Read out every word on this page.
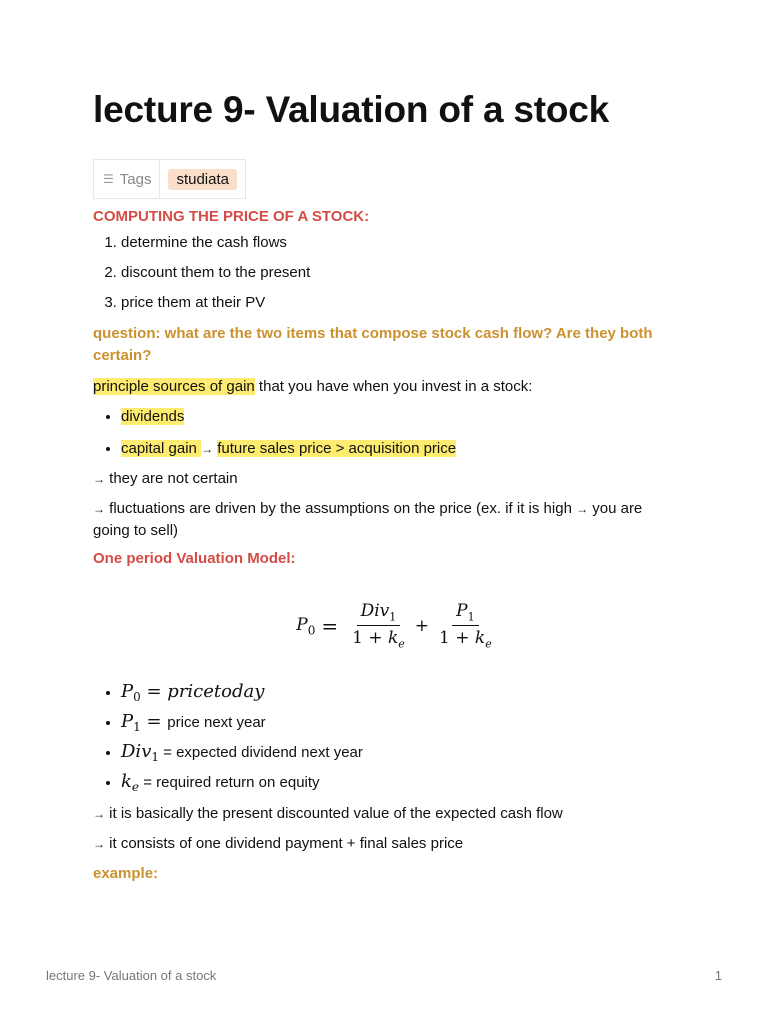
lecture 9- Valuation of a stock
☰ Tags	studiata
COMPUTING THE PRICE OF A STOCK:
1. determine the cash flows
2. discount them to the present
3. price them at their PV
question: what are the two items that compose stock cash flow? Are they both certain?
principle sources of gain that you have when you invest in a stock:
• dividends
• capital gain → future sales price > acquisition price
→ they are not certain
→ fluctuations are driven by the assumptions on the price (ex. if it is high → you are going to sell)
One period Valuation Model:
$P_0 = \frac{Div_1}{1 + k_e} + \frac{P_1}{1 + k_e}$
• $P_0$ = pricetoday
• $P_1$ = price next year
• Div$_1$ = expected dividend next year
• $k_e$ = required return on equity
→ it is basically the present discounted value of the expected cash flow
→ it consists of one dividend payment + final sales price
example:
lecture 9- Valuation of a stock	1
